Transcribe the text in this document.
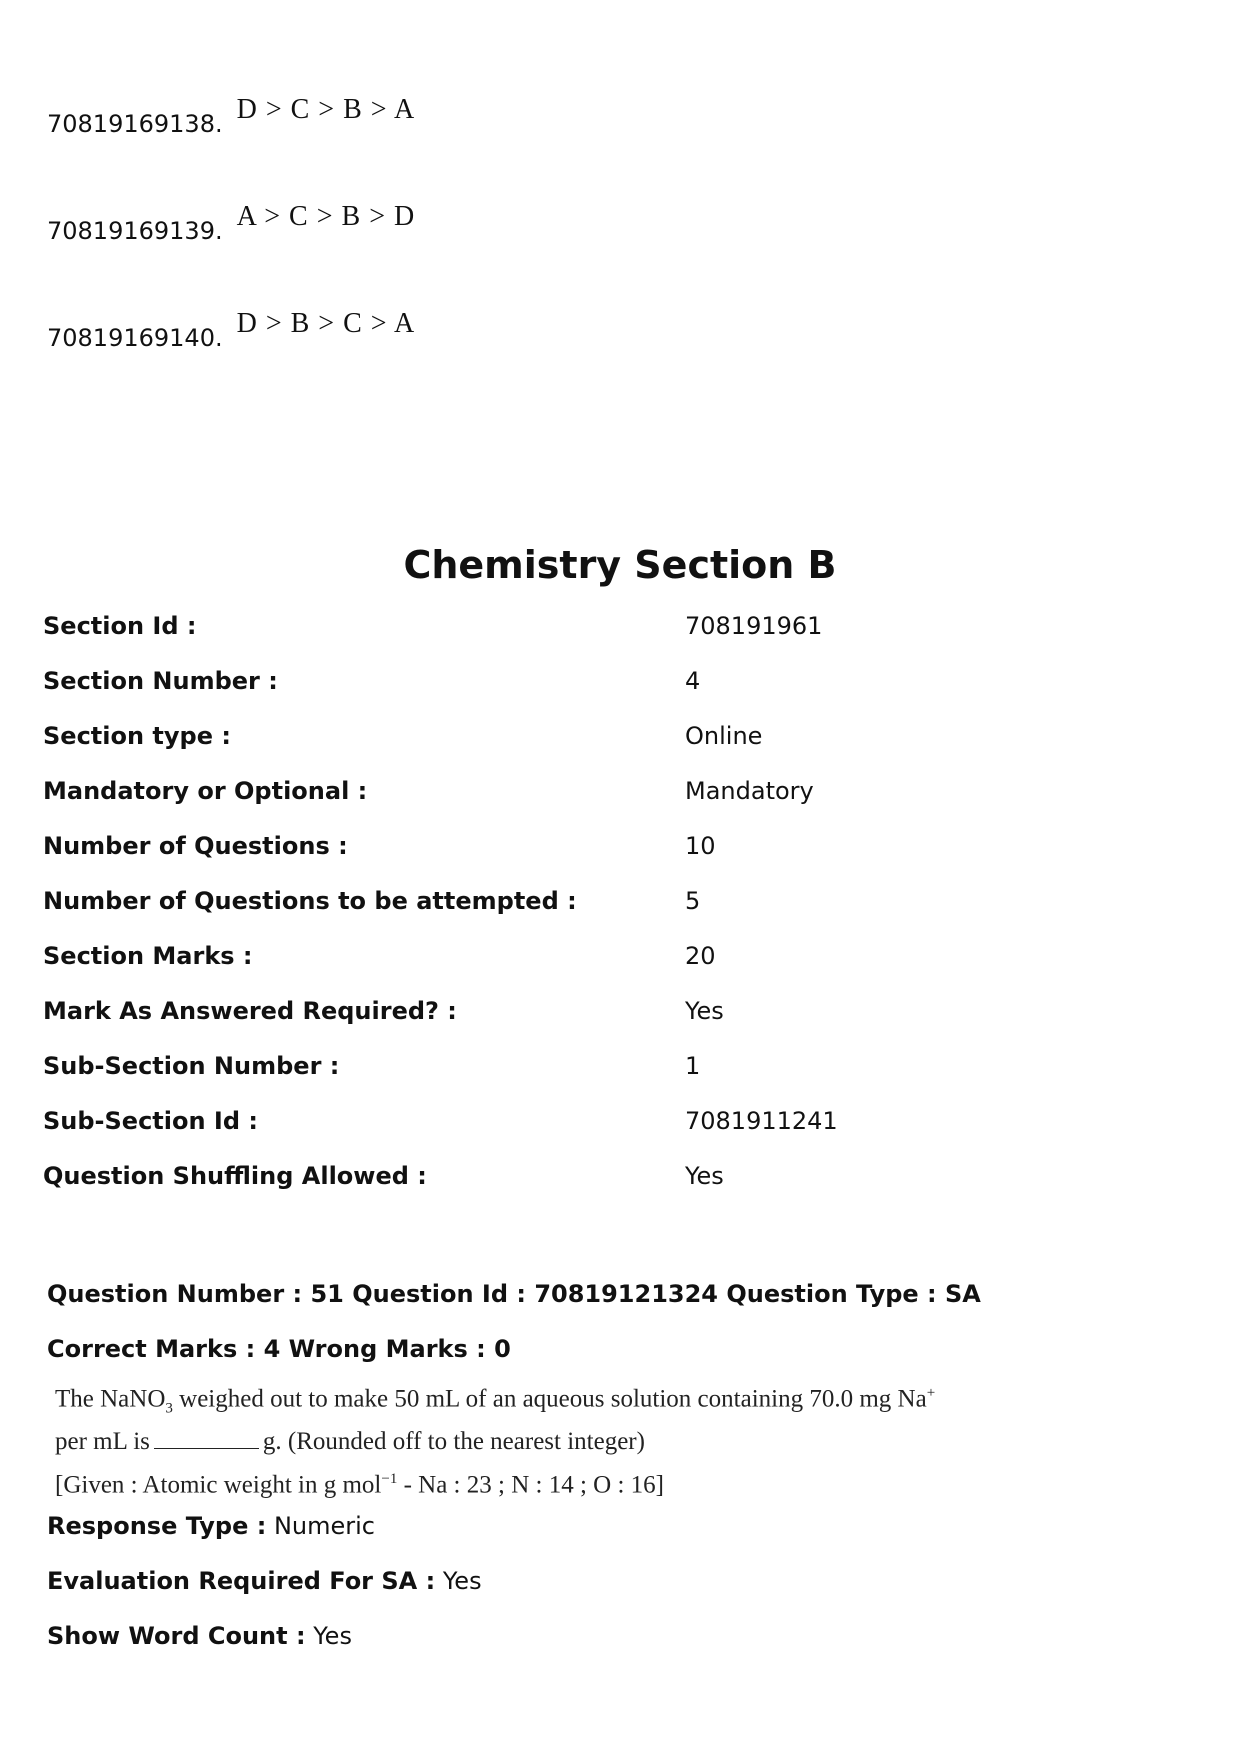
70819169138. D > C > B > A
70819169139. A > C > B > D
70819169140. D > B > C > A
Chemistry Section B
Section Id :	708191961
Section Number :	4
Section type :	Online
Mandatory or Optional :	Mandatory
Number of Questions :	10
Number of Questions to be attempted :	5
Section Marks :	20
Mark As Answered Required? :	Yes
Sub-Section Number :	1
Sub-Section Id :	7081911241
Question Shuffling Allowed :	Yes
Question Number : 51 Question Id : 70819121324 Question Type : SA
Correct Marks : 4 Wrong Marks : 0
The NaNO$_3$ weighed out to make 50 mL of an aqueous solution containing 70.0 mg Na+
per mL is	g. (Rounded off to the nearest integer)
[Given : Atomic weight in g mol$^{-1}$ - Na : 23 ; N : 14 ; O : 16]
Response Type : Numeric
Evaluation Required For SA : Yes
Show Word Count : Yes
